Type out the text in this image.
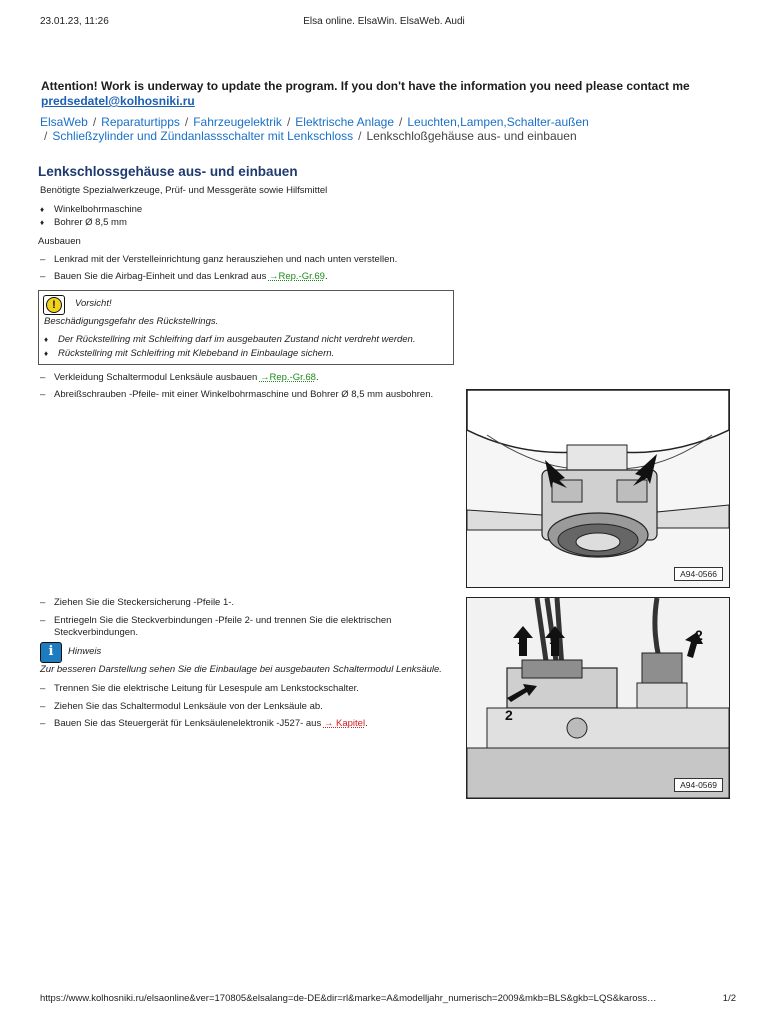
23.01.23, 11:26	Elsa online. ElsaWin. ElsaWeb. Audi
Attention! Work is underway to update the program. If you don't have the information you need please contact me
predsedatel@kolhosniki.ru
ElsaWeb / Reparaturtipps / Fahrzeugelektrik / Elektrische Anlage / Leuchten,Lampen,Schalter-außen
/ Schließzylinder und Zündanlassschalter mit Lenkschloss / Lenkschloßgehäuse aus- und einbauen
Lenkschlossgehäuse aus- und einbauen
Benötigte Spezialwerkzeuge, Prüf- und Messgeräte sowie Hilfsmittel
♦ Winkelbohrmaschine
♦ Bohrer Ø 8,5 mm
Ausbauen
– Lenkrad mit der Verstelleinrichtung ganz herausziehen und nach unten verstellen.
– Bauen Sie die Airbag-Einheit und das Lenkrad aus →Rep.-Gr.69.
!	Vorsicht!
Beschädigungsgefahr des Rückstellrings.
♦ Der Rückstellring mit Schleifring darf im ausgebauten Zustand nicht verdreht werden.
♦ Rückstellring mit Schleifring mit Klebeband in Einbaulage sichern.
– Verkleidung Schaltermodul Lenksäule ausbauen →Rep.-Gr.68.
– Abreißschrauben -Pfeile- mit einer Winkelbohrmaschine und Bohrer Ø 8,5 mm ausbohren.
A94-0566
– Ziehen Sie die Steckersicherung -Pfeile 1-.
– Entriegeln Sie die Steckverbindungen -Pfeile 2- und trennen Sie die elektrischen
Steckverbindungen.
i	Hinweis
Zur besseren Darstellung sehen Sie die Einbaulage bei ausgebauten Schaltermodul Lenksäule.
– Trennen Sie die elektrische Leitung für Lesespule am Lenkstockschalter.
– Ziehen Sie das Schaltermodul Lenksäule von der Lenksäule ab.
– Bauen Sie das Steuergerät für Lenksäulenelektronik -J527- aus → Kapitel.
1 1	2
2
A94-0569
https://www.kolhosniki.ru/elsaonline&ver=170805&elsalang=de-DE&dir=rl&marke=A&modelljahr_numerisch=2009&mkb=BLS&gkb=LQS&kaross…	1/2
